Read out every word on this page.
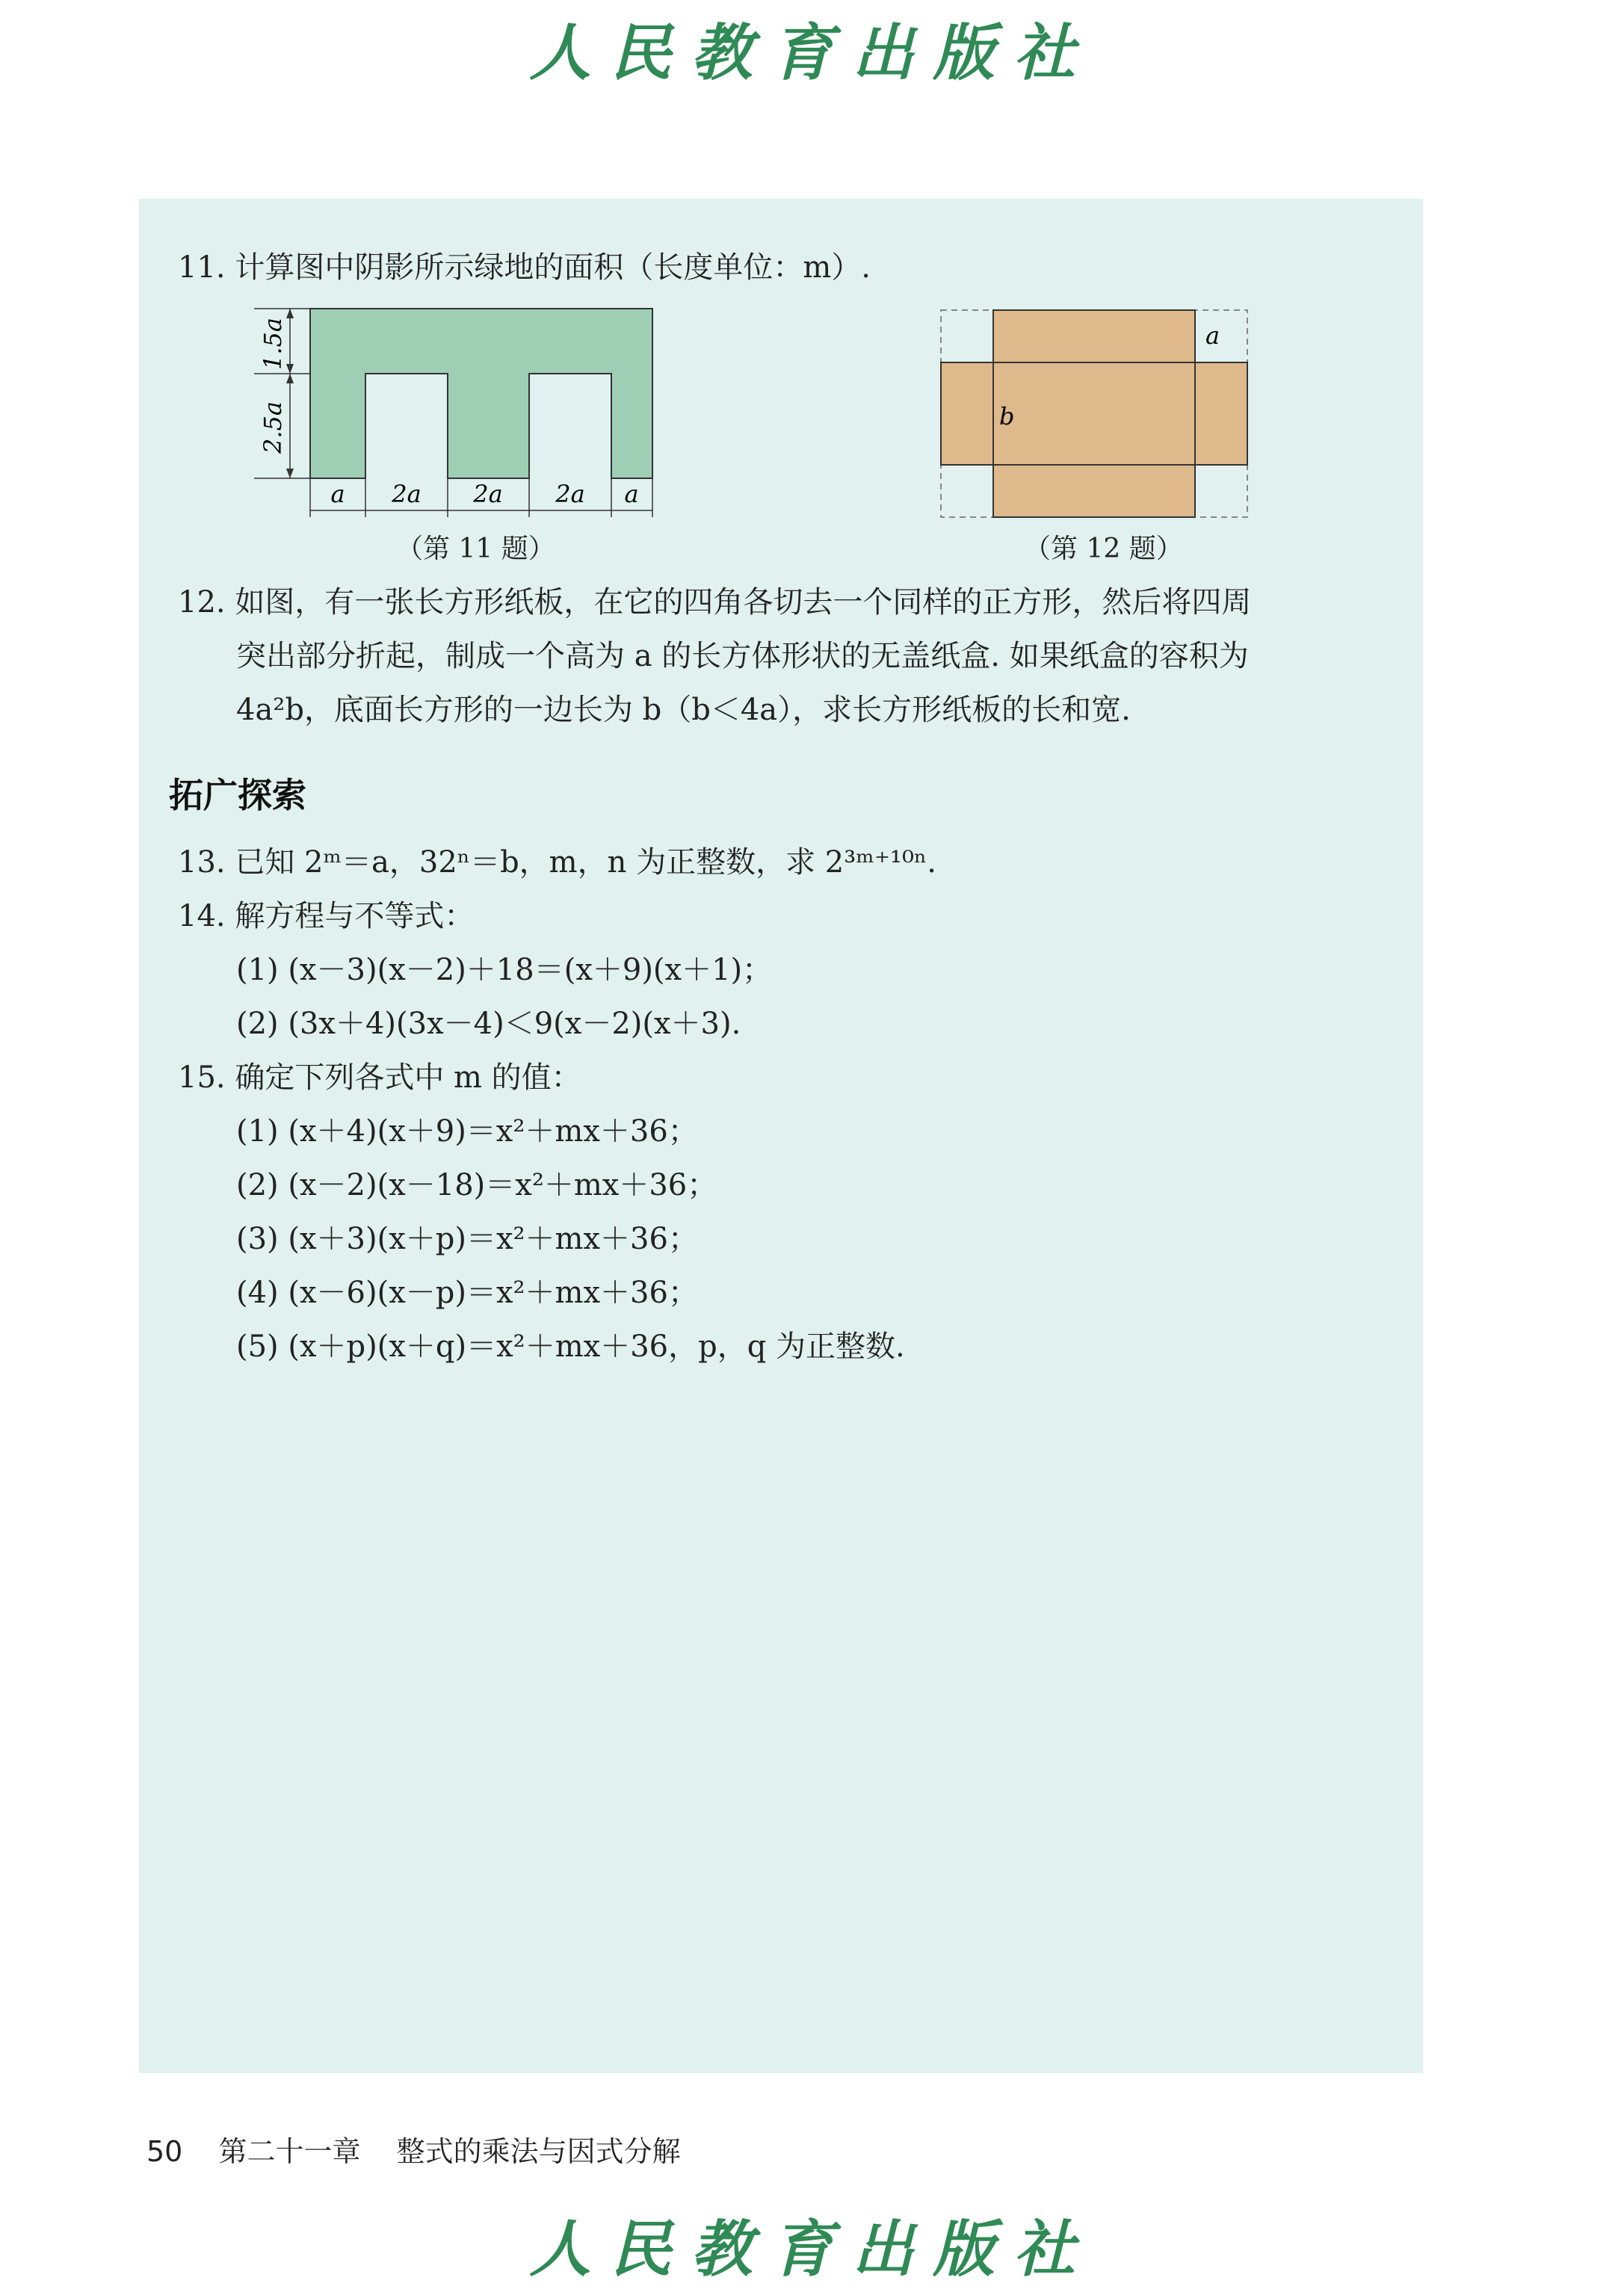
人民教育出版社
11. 计算图中阴影所示绿地的面积（长度单位：m）.
1.5a
2.5a
a 2a 2a 2a a
（第 11 题）
a
b
（第 12 题）
12. 如图，有一张长方形纸板，在它的四角各切去一个同样的正方形，然后将四周
突出部分折起，制成一个高为 a 的长方体形状的无盖纸盒. 如果纸盒的容积为
4a²b，底面长方形的一边长为 b（b＜4a），求长方形纸板的长和宽.
拓广探索
13. 已知 2ᵐ＝a，32ⁿ＝b，m，n 为正整数，求 2³ᵐ⁺¹⁰ⁿ.
14. 解方程与不等式：
(1) (x－3)(x－2)＋18＝(x＋9)(x＋1)；
(2) (3x＋4)(3x－4)＜9(x－2)(x＋3).
15. 确定下列各式中 m 的值：
(1) (x＋4)(x＋9)＝x²＋mx＋36；
(2) (x－2)(x－18)＝x²＋mx＋36；
(3) (x＋3)(x＋p)＝x²＋mx＋36；
(4) (x－6)(x－p)＝x²＋mx＋36；
(5) (x＋p)(x＋q)＝x²＋mx＋36，p，q 为正整数.
50 第二十一章 整式的乘法与因式分解
人民教育出版社
